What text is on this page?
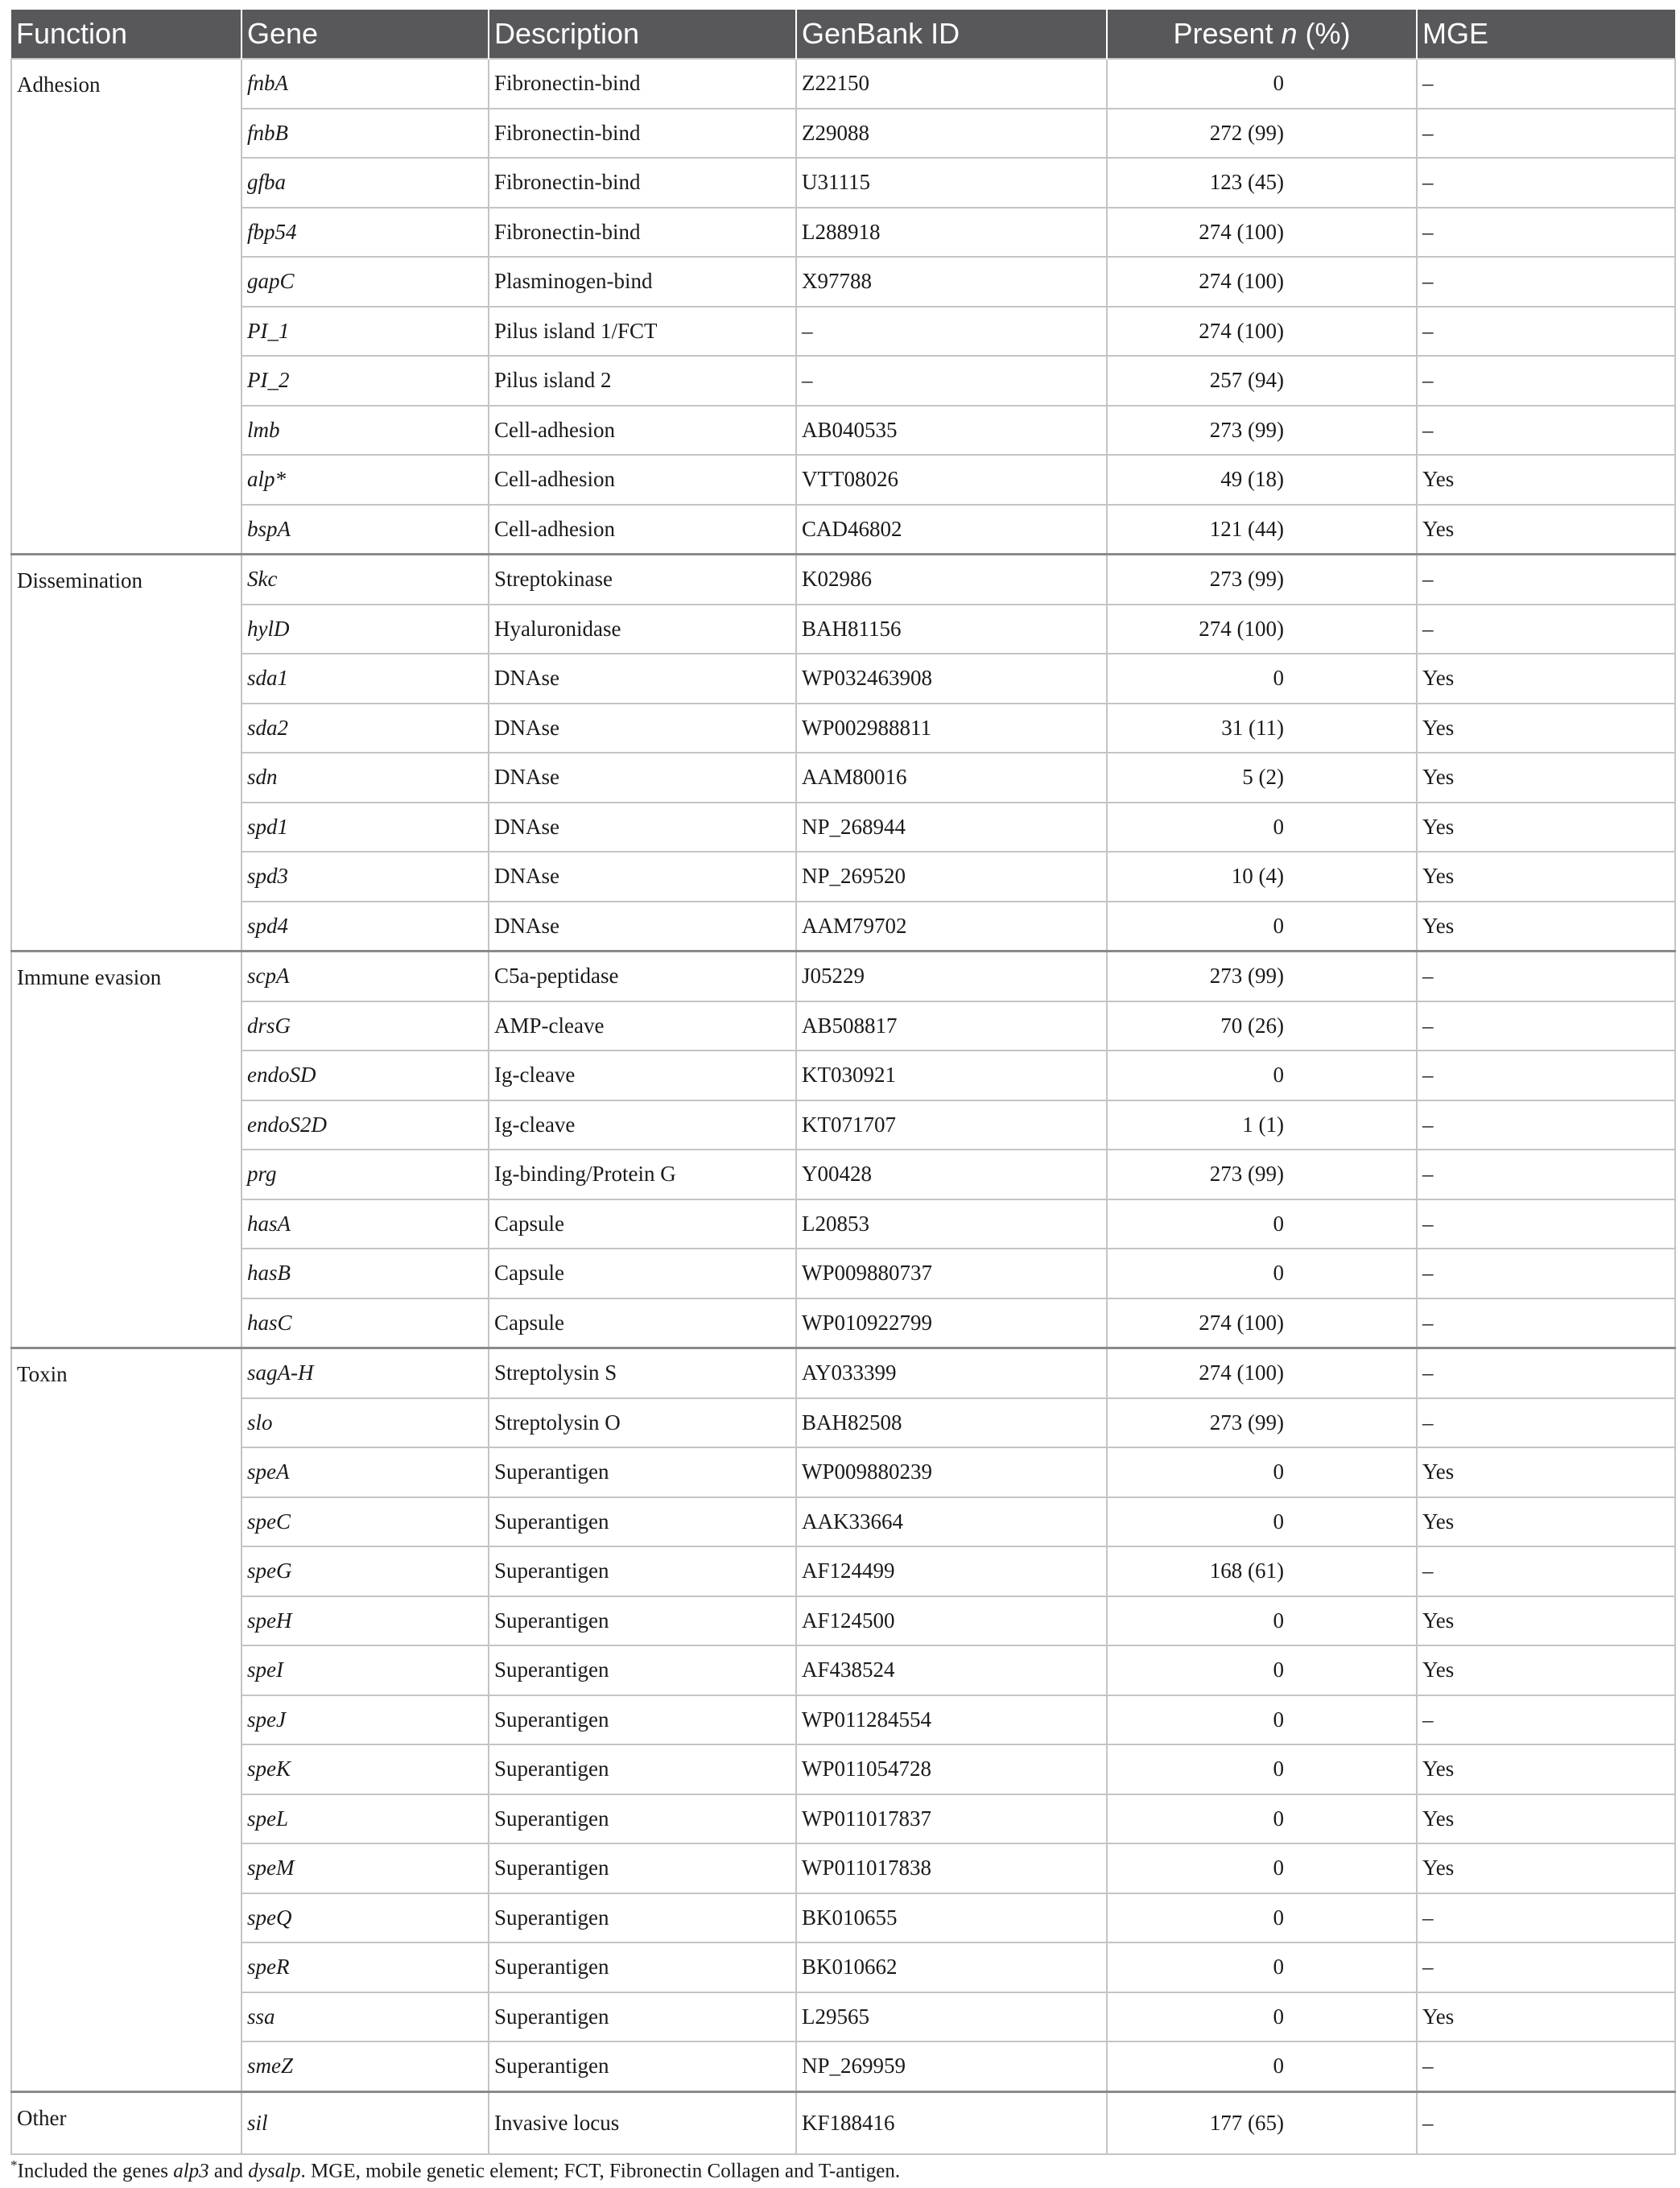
Function	Gene	Description	GenBank ID	Present n (%)	MGE
Adhesion	fnbA	Fibronectin-bind	Z22150	0	–
	fnbB	Fibronectin-bind	Z29088	272 (99)	–
	gfba	Fibronectin-bind	U31115	123 (45)	–
	fbp54	Fibronectin-bind	L288918	274 (100)	–
	gapC	Plasminogen-bind	X97788	274 (100)	–
	PI_1	Pilus island 1/FCT	–	274 (100)	–
	PI_2	Pilus island 2	–	257 (94)	–
	lmb	Cell-adhesion	AB040535	273 (99)	–
	alp*	Cell-adhesion	VTT08026	49 (18)	Yes
	bspA	Cell-adhesion	CAD46802	121 (44)	Yes
Dissemination	Skc	Streptokinase	K02986	273 (99)	–
	hylD	Hyaluronidase	BAH81156	274 (100)	–
	sda1	DNAse	WP032463908	0	Yes
	sda2	DNAse	WP002988811	31 (11)	Yes
	sdn	DNAse	AAM80016	5 (2)	Yes
	spd1	DNAse	NP_268944	0	Yes
	spd3	DNAse	NP_269520	10 (4)	Yes
	spd4	DNAse	AAM79702	0	Yes
Immune evasion	scpA	C5a-peptidase	J05229	273 (99)	–
	drsG	AMP-cleave	AB508817	70 (26)	–
	endoSD	Ig-cleave	KT030921	0	–
	endoS2D	Ig-cleave	KT071707	1 (1)	–
	prg	Ig-binding/Protein G	Y00428	273 (99)	–
	hasA	Capsule	L20853	0	–
	hasB	Capsule	WP009880737	0	–
	hasC	Capsule	WP010922799	274 (100)	–
Toxin	sagA-H	Streptolysin S	AY033399	274 (100)	–
	slo	Streptolysin O	BAH82508	273 (99)	–
	speA	Superantigen	WP009880239	0	Yes
	speC	Superantigen	AAK33664	0	Yes
	speG	Superantigen	AF124499	168 (61)	–
	speH	Superantigen	AF124500	0	Yes
	speI	Superantigen	AF438524	0	Yes
	speJ	Superantigen	WP011284554	0	–
	speK	Superantigen	WP011054728	0	Yes
	speL	Superantigen	WP011017837	0	Yes
	speM	Superantigen	WP011017838	0	Yes
	speQ	Superantigen	BK010655	0	–
	speR	Superantigen	BK010662	0	–
	ssa	Superantigen	L29565	0	Yes
	smeZ	Superantigen	NP_269959	0	–
Other	sil	Invasive locus	KF188416	177 (65)	–
*Included the genes alp3 and dysalp. MGE, mobile genetic element; FCT, Fibronectin Collagen and T-antigen.
